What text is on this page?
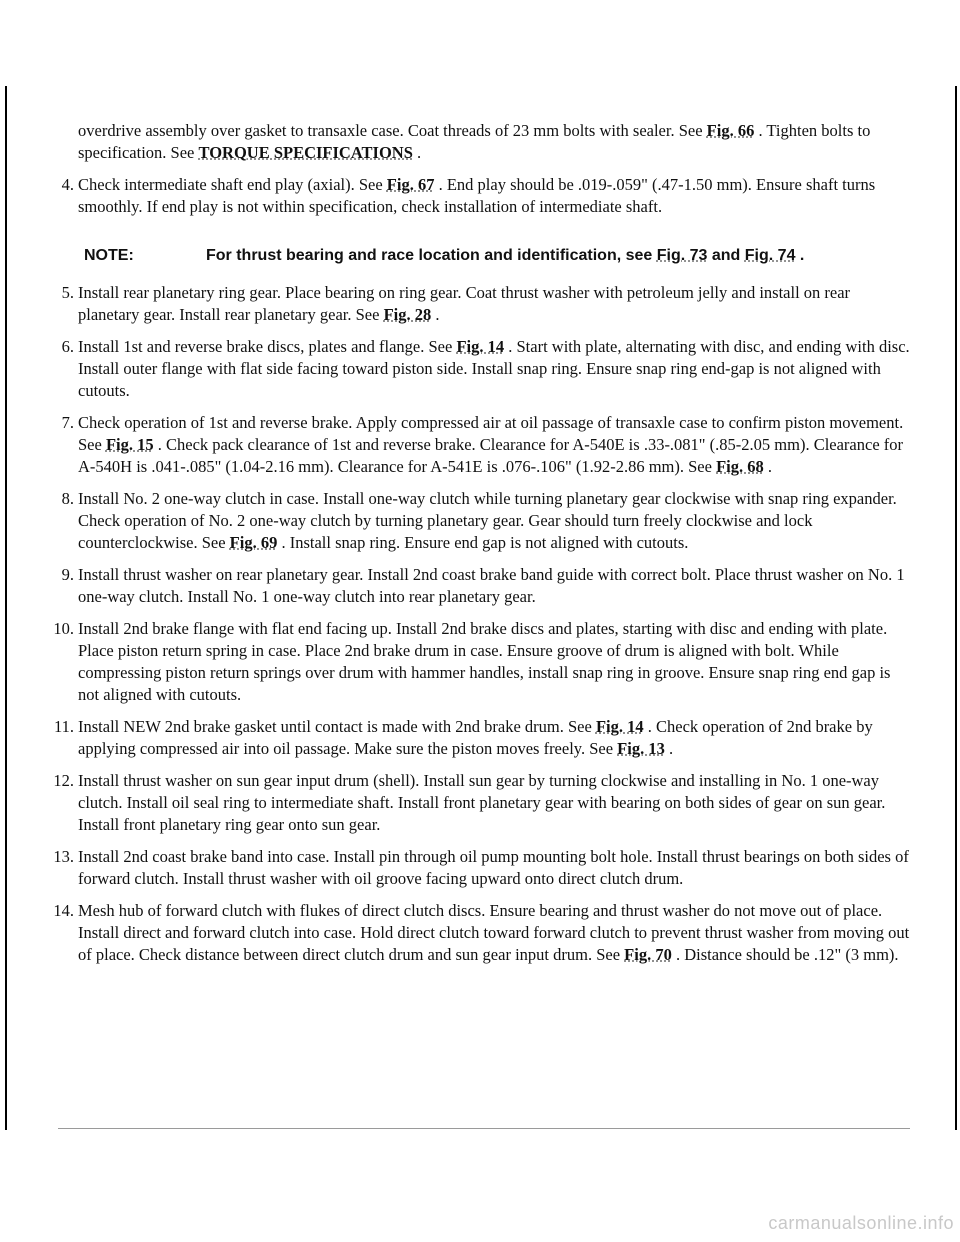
overdrive assembly over gasket to transaxle case. Coat threads of 23 mm bolts with sealer. See Fig. 66 . Tighten bolts to specification. See TORQUE SPECIFICATIONS .

4. Check intermediate shaft end play (axial). See Fig. 67 . End play should be .019-.059" (.47-1.50 mm). Ensure shaft turns smoothly. If end play is not within specification, check installation of intermediate shaft.
NOTE:	For thrust bearing and race location and identification, see Fig. 73 and Fig. 74 .
5. Install rear planetary ring gear. Place bearing on ring gear. Coat thrust washer with petroleum jelly and install on rear planetary gear. Install rear planetary gear. See Fig. 28 .
6. Install 1st and reverse brake discs, plates and flange. See Fig. 14 . Start with plate, alternating with disc, and ending with disc. Install outer flange with flat side facing toward piston side. Install snap ring. Ensure snap ring end-gap is not aligned with cutouts.
7. Check operation of 1st and reverse brake. Apply compressed air at oil passage of transaxle case to confirm piston movement. See Fig. 15 . Check pack clearance of 1st and reverse brake. Clearance for A-540E is .33-.081" (.85-2.05 mm). Clearance for A-540H is .041-.085" (1.04-2.16 mm). Clearance for A-541E is .076-.106" (1.92-2.86 mm). See Fig. 68 .
8. Install No. 2 one-way clutch in case. Install one-way clutch while turning planetary gear clockwise with snap ring expander. Check operation of No. 2 one-way clutch by turning planetary gear. Gear should turn freely clockwise and lock counterclockwise. See Fig. 69 . Install snap ring. Ensure end gap is not aligned with cutouts.
9. Install thrust washer on rear planetary gear. Install 2nd coast brake band guide with correct bolt. Place thrust washer on No. 1 one-way clutch. Install No. 1 one-way clutch into rear planetary gear.
10. Install 2nd brake flange with flat end facing up. Install 2nd brake discs and plates, starting with disc and ending with plate. Place piston return spring in case. Place 2nd brake drum in case. Ensure groove of drum is aligned with bolt. While compressing piston return springs over drum with hammer handles, install snap ring in groove. Ensure snap ring end gap is not aligned with cutouts.
11. Install NEW 2nd brake gasket until contact is made with 2nd brake drum. See Fig. 14 . Check operation of 2nd brake by applying compressed air into oil passage. Make sure the piston moves freely. See Fig. 13 .
12. Install thrust washer on sun gear input drum (shell). Install sun gear by turning clockwise and installing in No. 1 one-way clutch. Install oil seal ring to intermediate shaft. Install front planetary gear with bearing on both sides of gear on sun gear. Install front planetary ring gear onto sun gear.
13. Install 2nd coast brake band into case. Install pin through oil pump mounting bolt hole. Install thrust bearings on both sides of forward clutch. Install thrust washer with oil groove facing upward onto direct clutch drum.
14. Mesh hub of forward clutch with flukes of direct clutch discs. Ensure bearing and thrust washer do not move out of place. Install direct and forward clutch into case. Hold direct clutch toward forward clutch to prevent thrust washer from moving out of place. Check distance between direct clutch drum and sun gear input drum. See Fig. 70 . Distance should be .12" (3 mm).
carmanualsonline.info
